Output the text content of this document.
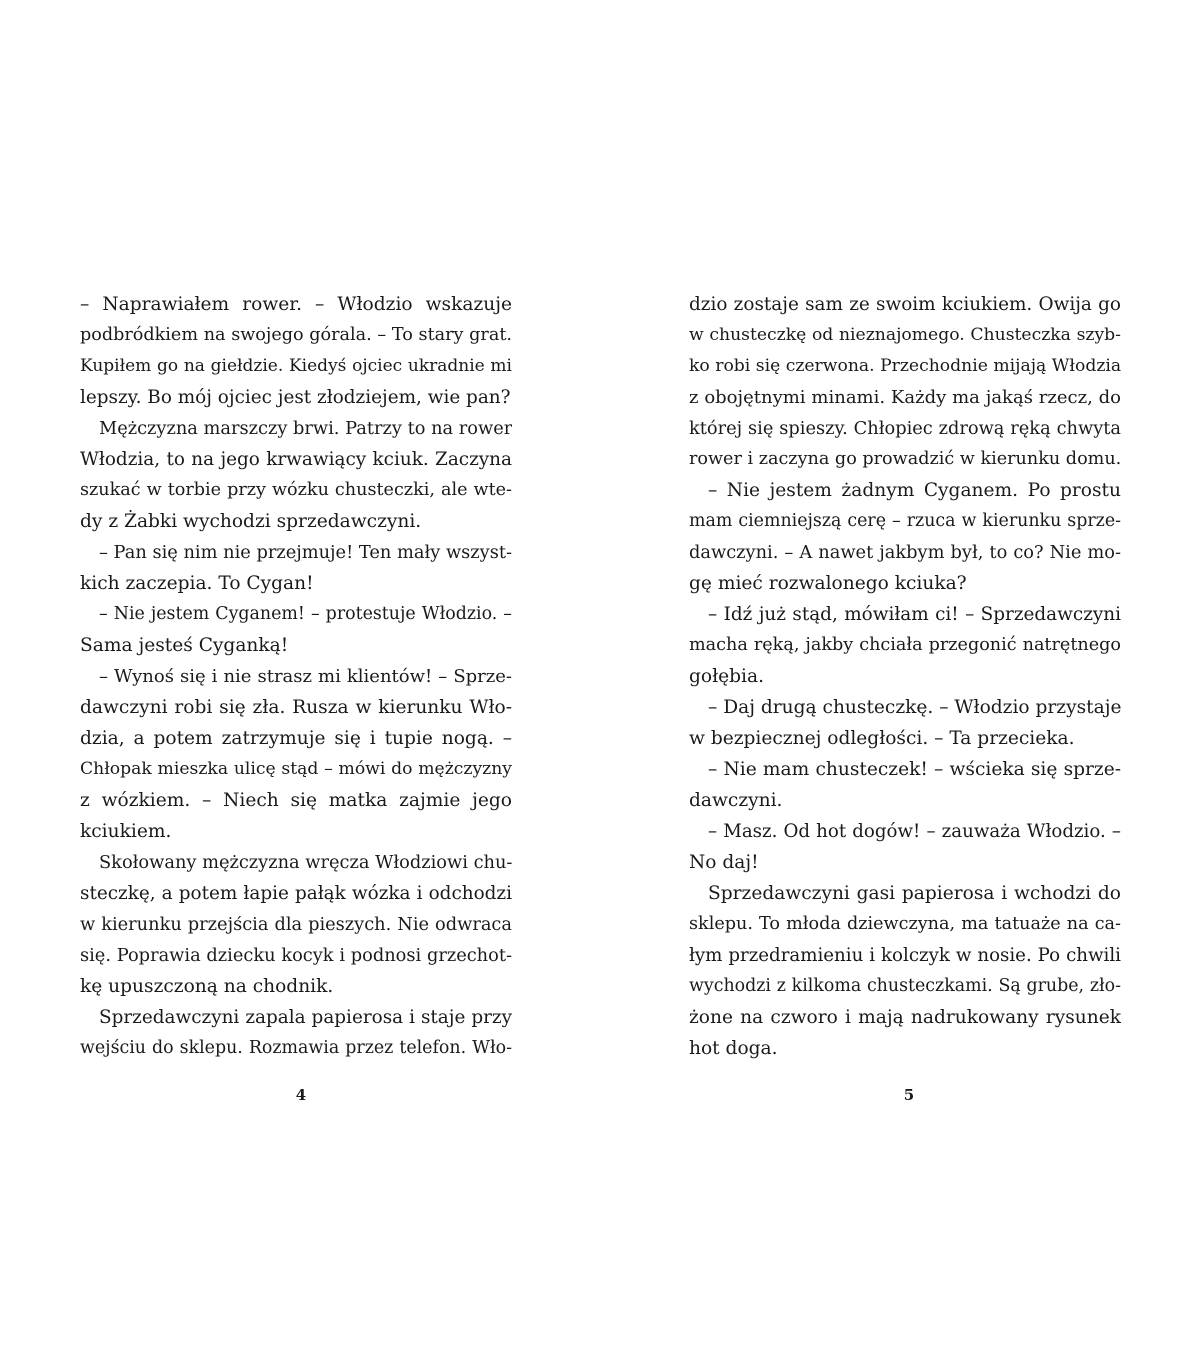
– Naprawiałem rower. – Włodzio wskazuje
podbródkiem na swojego górala. – To stary grat.
Kupiłem go na giełdzie. Kiedyś ojciec ukradnie mi
lepszy. Bo mój ojciec jest złodziejem, wie pan?
Mężczyzna marszczy brwi. Patrzy to na rower
Włodzia, to na jego krwawiący kciuk. Zaczyna
szukać w torbie przy wózku chusteczki, ale wte-
dy z Żabki wychodzi sprzedawczyni.
– Pan się nim nie przejmuje! Ten mały wszyst-
kich zaczepia. To Cygan!
– Nie jestem Cyganem! – protestuje Włodzio. –
Sama jesteś Cyganką!
– Wynoś się i nie strasz mi klientów! – Sprze-
dawczyni robi się zła. Rusza w kierunku Wło-
dzia, a potem zatrzymuje się i tupie nogą. –
Chłopak mieszka ulicę stąd – mówi do mężczyzny
z wózkiem. – Niech się matka zajmie jego
kciukiem.
Skołowany mężczyzna wręcza Włodziowi chu-
steczkę, a potem łapie pałąk wózka i odchodzi
w kierunku przejścia dla pieszych. Nie odwraca
się. Poprawia dziecku kocyk i podnosi grzechot-
kę upuszczoną na chodnik.
Sprzedawczyni zapala papierosa i staje przy
wejściu do sklepu. Rozmawia przez telefon. Wło-
dzio zostaje sam ze swoim kciukiem. Owija go
w chusteczkę od nieznajomego. Chusteczka szyb-
ko robi się czerwona. Przechodnie mijają Włodzia
z obojętnymi minami. Każdy ma jakąś rzecz, do
której się spieszy. Chłopiec zdrową ręką chwyta
rower i zaczyna go prowadzić w kierunku domu.
– Nie jestem żadnym Cyganem. Po prostu
mam ciemniejszą cerę – rzuca w kierunku sprze-
dawczyni. – A nawet jakbym był, to co? Nie mo-
gę mieć rozwalonego kciuka?
– Idź już stąd, mówiłam ci! – Sprzedawczyni
macha ręką, jakby chciała przegonić natrętnego
gołębia.
– Daj drugą chusteczkę. – Włodzio przystaje
w bezpiecznej odległości. – Ta przecieka.
– Nie mam chusteczek! – wścieka się sprze-
dawczyni.
– Masz. Od hot dogów! – zauważa Włodzio. –
No daj!
Sprzedawczyni gasi papierosa i wchodzi do
sklepu. To młoda dziewczyna, ma tatuaże na ca-
łym przedramieniu i kolczyk w nosie. Po chwili
wychodzi z kilkoma chusteczkami. Są grube, zło-
żone na czworo i mają nadrukowany rysunek
hot doga.
4	5
